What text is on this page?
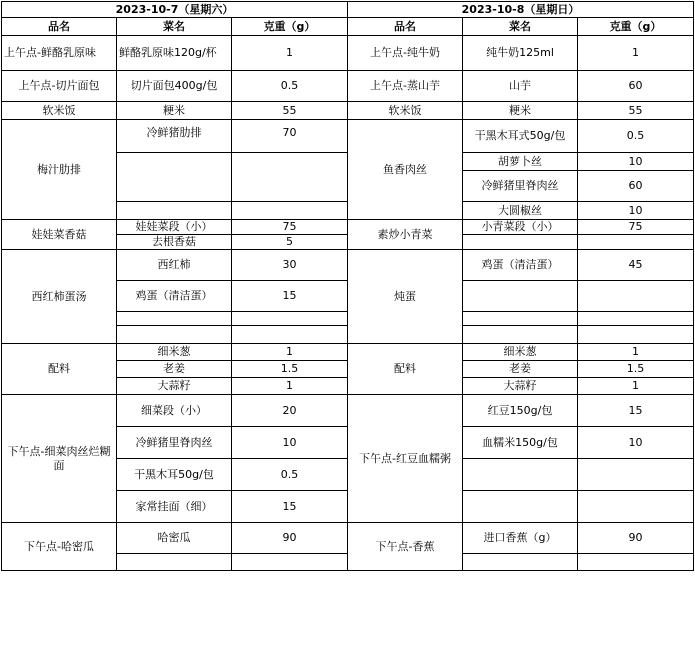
2023-10-7（星期六）			2023-10-8（星期日）		
品名	菜名	克重（g）	品名	菜名	克重（g）
上午点-鲜酪乳原味	鲜酪乳原味120g/杯	1	上午点-纯牛奶	纯牛奶125ml	1
上午点-切片面包	切片面包400g/包	0.5	上午点-蒸山芋	山芋	60
软米饭	粳米	55	软米饭	粳米	55
梅汁肋排	冷鲜猪肋排	70	鱼香肉丝	干黑木耳式50g/包	0.5

				胡萝卜丝	10
				冷鲜猪里脊肉丝	60
				大圆椒丝	10
娃娃菜香菇	娃娃菜段（小）	75	素炒小青菜	小青菜段（小）	75
	去根香菇	5			
西红柿蛋汤	西红柿	30	炖蛋	鸡蛋（清洁蛋）	45
	鸡蛋（清洁蛋）	15			

配料	细米葱	1	配料	细米葱	1
	老姜	1.5		老姜	1.5
	大蒜籽	1		大蒜籽	1
下午点-细菜肉丝烂糊面	细菜段（小）	20	下午点-红豆血糯粥	红豆150g/包	15
	冷鲜猪里脊肉丝	10		血糯米150g/包	10
	干黑木耳50g/包	0.5			
	家常挂面（细）	15			
下午点-哈密瓜	哈密瓜	90	下午点-香蕉	进口香蕉（g）	90
